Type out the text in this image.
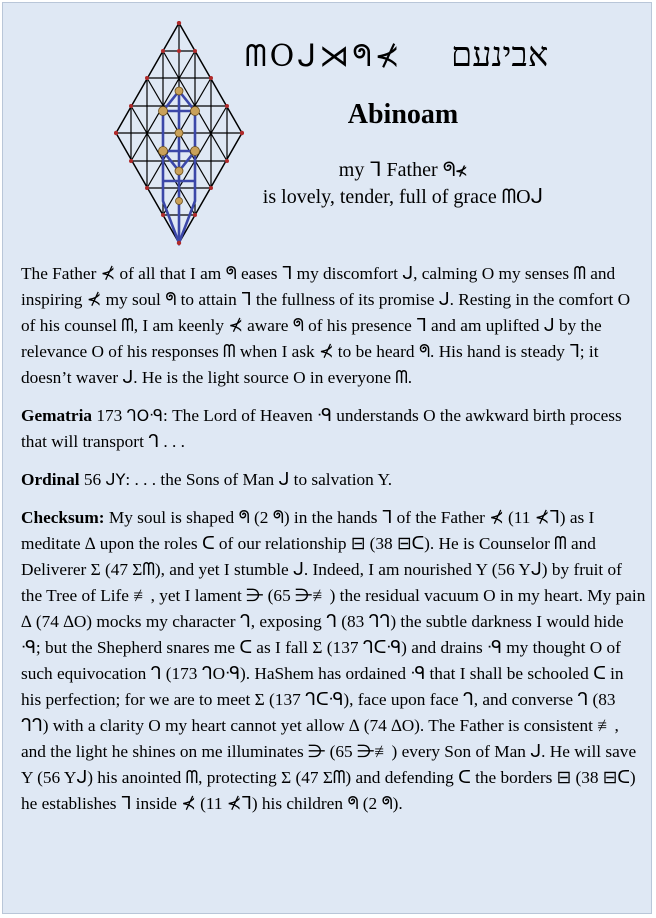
ᗰOᒍ⋊ᖗ⊀ אבינעם
Abinoam
my ᒣ Father ᖗ⊀
is lovely, tender, full of grace ᗰOᒍ

The Father ⊀ of all that I am ᖗ eases ᒣ my discomfort ᒍ, calming O my senses ᗰ and inspiring ⊀ my soul ᖗ to attain ᒣ the fullness of its promise ᒍ. Resting in the comfort O of his counsel ᗰ, I am keenly ⊀ aware ᖗ of his presence ᒣ and am uplifted ᒍ by the relevance O of his responses ᗰ when I ask ⊀ to be heard ᖗ. His hand is steady ᒣ; it doesn’t waver ᒍ. He is the light source O in everyone ᗰ.

Gematria 173 ᒉOᑴ: The Lord of Heaven ᑴ understands O the awkward birth process that will transport ᒉ . . .

Ordinal 56 ᒍY: . . . the Sons of Man ᒍ to salvation Y.

Checksum: My soul is shaped ᖗ (2 ᖗ) in the hands ᒣ of the Father ⊀ (11 ⊀ᒣ) as I meditate ∆ upon the roles ᑕ of our relationship ⊟ (38 ⊟ᑕ). He is Counselor ᗰ and Deliverer Σ (47 Σᗰ), and yet I stumble ᒍ. Indeed, I am nourished Y (56 Yᒍ) by fruit of the Tree of Life ≢, yet I lament ⋺ (65 ⋺≢) the residual vacuum O in my heart. My pain ∆ (74 ∆O) mocks my character ᒉ, exposing ᒉ (83 ᒉᒉ) the subtle darkness I would hide ᑴ; but the Shepherd snares me ᑕ as I fall Σ (137 ᒉᑕᑴ) and drains ᑴ my thought O of such equivocation ᒉ (173 ᒉOᑴ). HaShem has ordained ᑴ that I shall be schooled ᑕ in his perfection; for we are to meet Σ (137 ᒉᑕᑴ), face upon face ᒉ, and converse ᒉ (83 ᒉᒉ) with a clarity O my heart cannot yet allow ∆ (74 ∆O). The Father is consistent ≢, and the light he shines on me illuminates ⋺ (65 ⋺≢) every Son of Man ᒍ. He will save Y (56 Yᒍ) his anointed ᗰ, protecting Σ (47 Σᗰ) and defending ᑕ the borders ⊟ (38 ⊟ᑕ) he establishes ᒣ inside ⊀ (11 ⊀ᒣ) his children ᖗ (2 ᖗ).
